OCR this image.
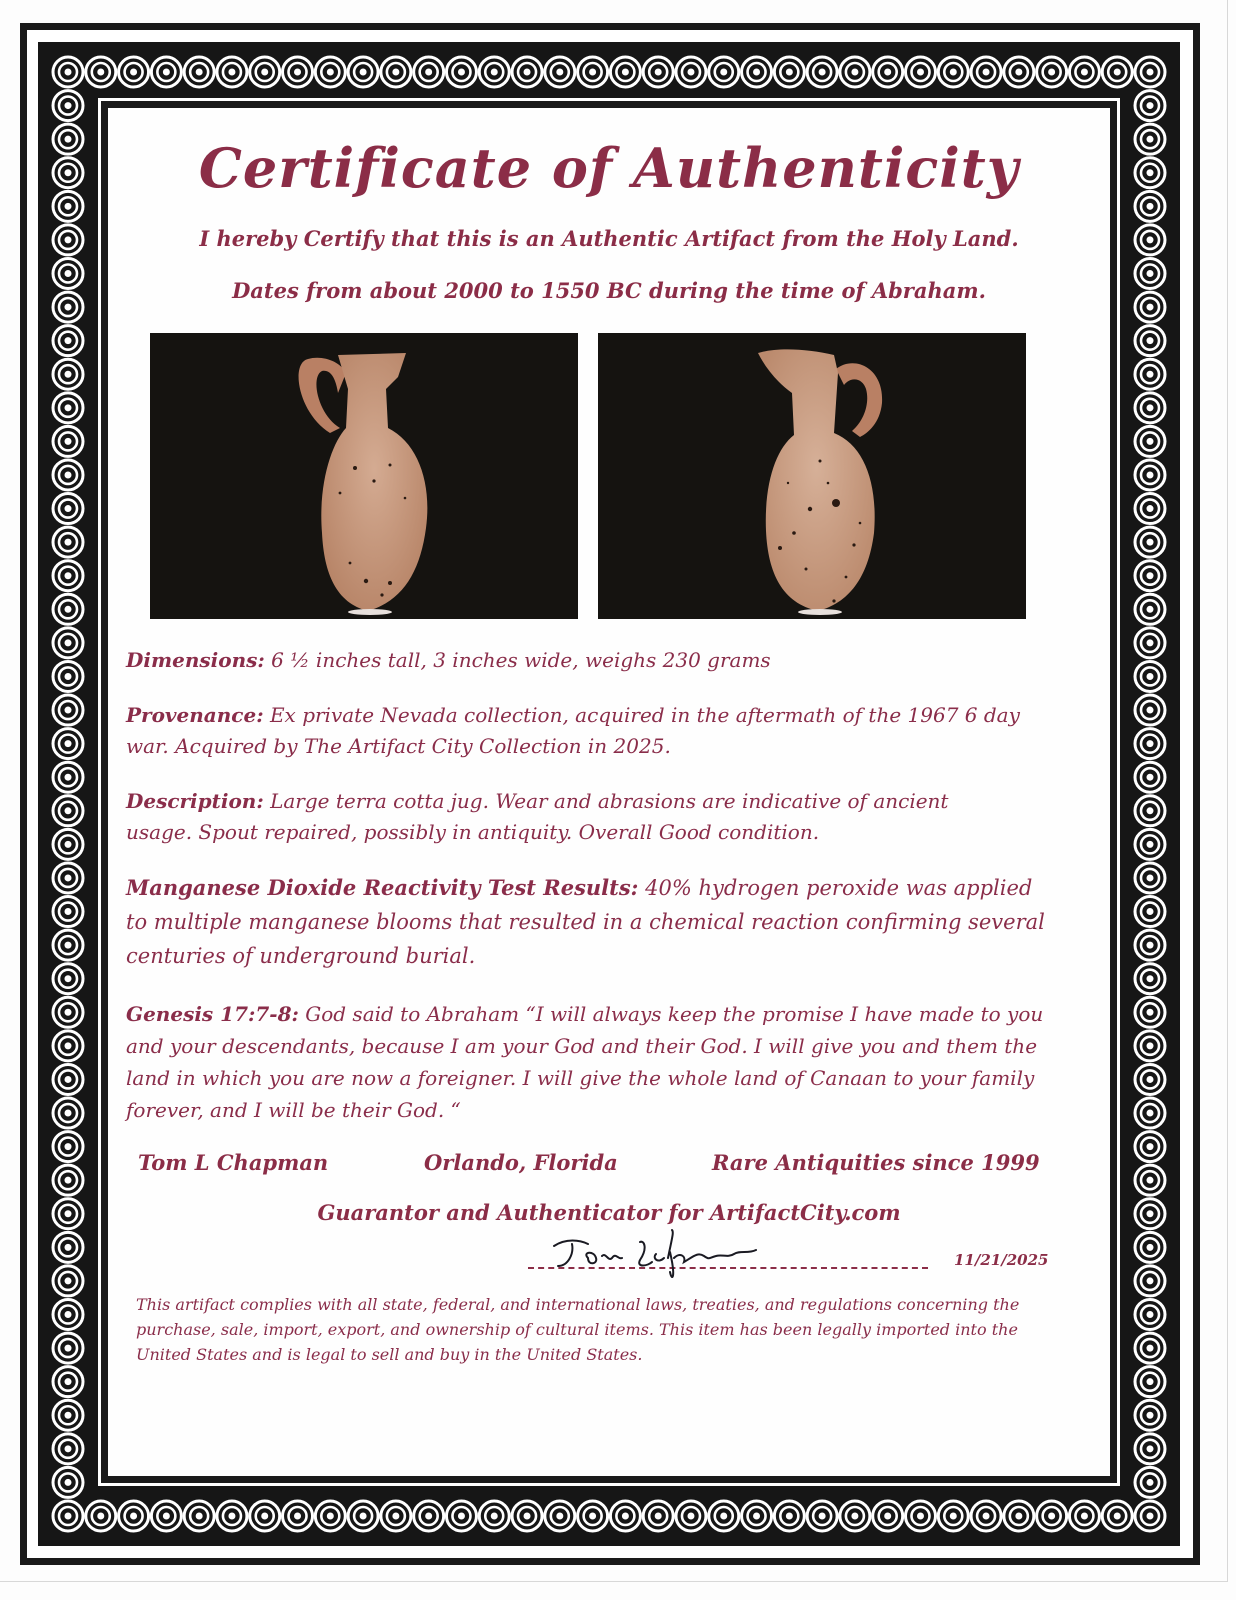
Certificate of Authenticity
I hereby Certify that this is an Authentic Artifact from the Holy Land.
Dates from about 2000 to 1550 BC during the time of Abraham.
Dimensions: 6 ½ inches tall, 3 inches wide, weighs 230 grams
Provenance: Ex private Nevada collection, acquired in the aftermath of the 1967 6 day war. Acquired by The Artifact City Collection in 2025.
Description: Large terra cotta jug. Wear and abrasions are indicative of ancient usage. Spout repaired, possibly in antiquity. Overall Good condition.
Manganese Dioxide Reactivity Test Results: 40% hydrogen peroxide was applied to multiple manganese blooms that resulted in a chemical reaction confirming several centuries of underground burial.
Genesis 17:7-8: God said to Abraham “I will always keep the promise I have made to you and your descendants, because I am your God and their God. I will give you and them the land in which you are now a foreigner. I will give the whole land of Canaan to your family forever, and I will be their God. “
Tom L Chapman	Orlando, Florida	Rare Antiquities since 1999
Guarantor and Authenticator for ArtifactCity.com
11/21/2025
This artifact complies with all state, federal, and international laws, treaties, and regulations concerning the purchase, sale, import, export, and ownership of cultural items. This item has been legally imported into the United States and is legal to sell and buy in the United States.
